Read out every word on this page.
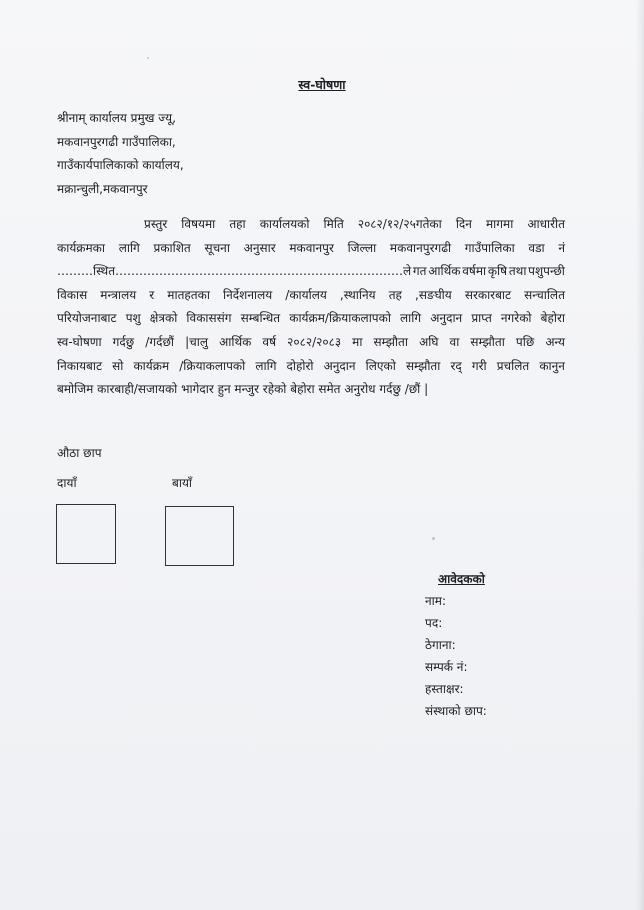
स्व-घोषणा
श्रीनाम् कार्यालय प्रमुख ज्यू,
मकवानपुरगढी गाउँपालिका,
गाउँकार्यपालिकाको कार्यालय,
मक्रान्चुली,मकवानपुर
प्रस्तुर विषयमा तहा कार्यालयको मिति २०८२/१२/२५गतेका दिन मागमा आधारीत
कार्यक्रमका लागि प्रकाशित सूचना अनुसार मकवानपुर जिल्ला मकवानपुरगढी गाउँपालिका वडा नं
………स्थित………………………………………………………………ले गत आर्थिक वर्षमा कृषि तथा पशुपन्छी
विकास मन्त्रालय र मातहतका निर्देशनालय /कार्यालय ,स्थानिय तह ,सङघीय सरकारबाट सन्चालित
परियोजनाबाट पशु क्षेत्रको विकाससंग सम्बन्धित कार्यक्रम/क्रियाकलापको लागि अनुदान प्राप्त नगरेको बेहोरा
स्व-घोषणा गर्दछु /गर्दछौं |चालु आर्थिक वर्ष २०८२/२०८३ मा सम्झौता अघि वा सम्झौता पछि अन्य
निकायबाट सो कार्यक्रम /क्रियाकलापको लागि दोहोरो अनुदान लिएको सम्झौता रद् गरी प्रचलित कानुन
बमोजिम कारबाही/सजायको भागेदार हुन मन्जुर रहेको बेहोरा समेत अनुरोध गर्दछु /छौं |
औठा छाप
दायाँ	बायाँ
आवेदकको
नाम:
पद:
ठेगाना:
सम्पर्क नं:
हस्ताक्षर:
संस्थाको छाप:
